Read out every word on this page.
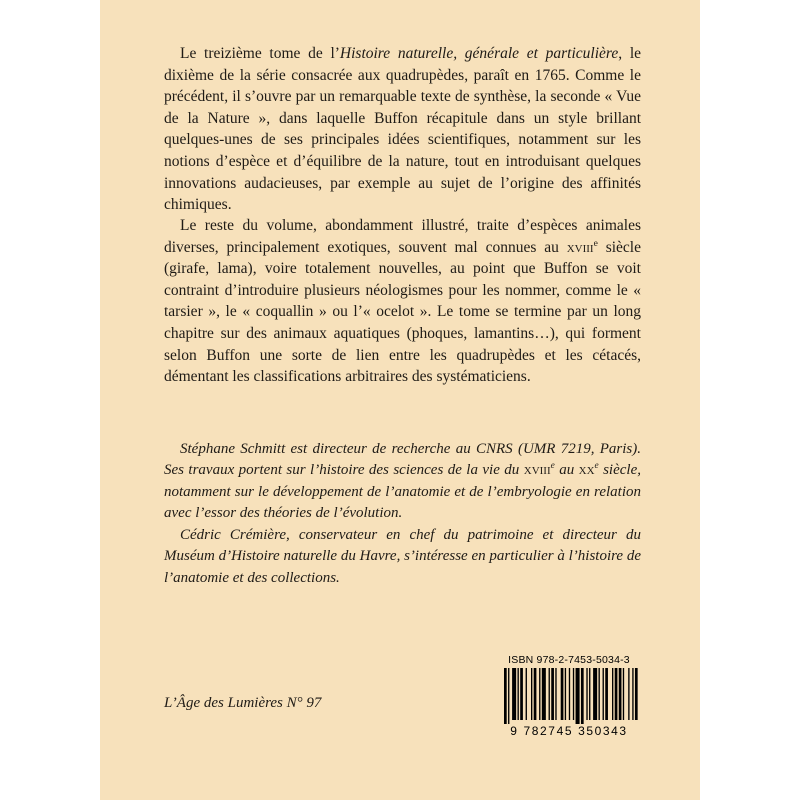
Le treizième tome de l’Histoire naturelle, générale et particulière, le dixième de la série consacrée aux quadrupèdes, paraît en 1765. Comme le précédent, il s’ouvre par un remarquable texte de synthèse, la seconde « Vue de la Nature », dans laquelle Buffon récapitule dans un style brillant quelques-unes de ses principales idées scientifiques, notamment sur les notions d’espèce et d’équilibre de la nature, tout en introduisant quelques innovations audacieuses, par exemple au sujet de l’origine des affinités chimiques.
Le reste du volume, abondamment illustré, traite d’espèces animales diverses, principalement exotiques, souvent mal connues au xviii$^e$ siècle (girafe, lama), voire totalement nouvelles, au point que Buffon se voit contraint d’introduire plusieurs néologismes pour les nommer, comme le « tarsier », le « coquallin » ou l’« ocelot ». Le tome se termine par un long chapitre sur des animaux aquatiques (phoques, lamantins…), qui forment selon Buffon une sorte de lien entre les quadrupèdes et les cétacés, démentant les classifications arbitraires des systématiciens.
Stéphane Schmitt est directeur de recherche au CNRS (UMR 7219, Paris). Ses travaux portent sur l’histoire des sciences de la vie du xviii$^e$ au $xx^e$ siècle, notamment sur le développement de l’anatomie et de l’embryologie en relation avec l’essor des théories de l’évolution.
Cédric Crémière, conservateur en chef du patrimoine et directeur du Muséum d’Histoire naturelle du Havre, s’intéresse en particulier à l’histoire de l’anatomie et des collections.
L’Âge des Lumières N° 97
ISBN 978-2-7453-5034-3
9 782745 350343
